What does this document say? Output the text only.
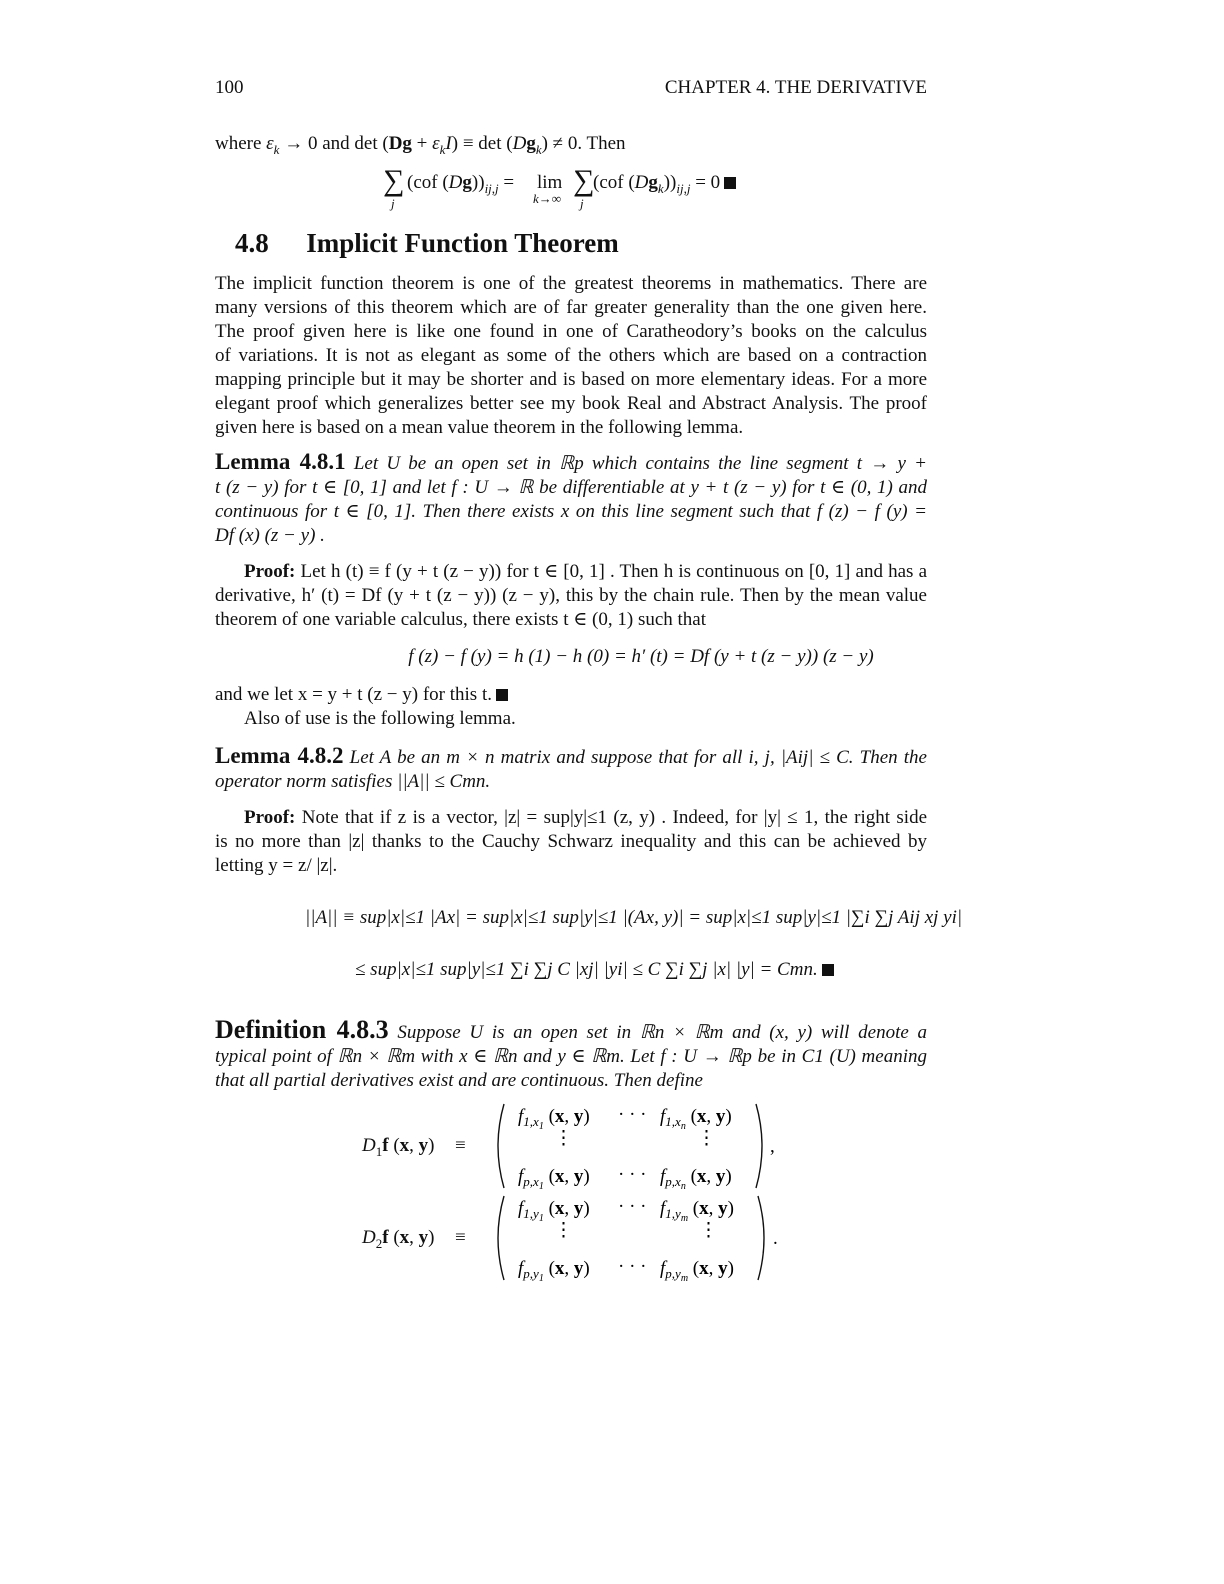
100	CHAPTER 4. THE DERIVATIVE
where $\varepsilon_k \to 0$ and $\det (Dg + \varepsilon_kI) \equiv \det (Dg_k) \ne 0$. Then
∑
j
(cof $(Dg))_{ij,j} = \lim$
k→∞
∑
j
(cof $(Dg_k))_{ij,j} = 0$
4.8 Implicit Function Theorem
The implicit function theorem is one of the greatest theorems in mathematics. There are
many versions of this theorem which are of far greater generality than the one given here.
The proof given here is like one found in one of Caratheodory’s books on the calculus
of variations. It is not as elegant as some of the others which are based on a contraction
mapping principle but it may be shorter and is based on more elementary ideas. For a more
elegant proof which generalizes better see my book Real and Abstract Analysis. The proof
given here is based on a mean value theorem in the following lemma.
Lemma 4.8.1 Let U be an open set in ℝp which contains the line segment t → y +
t (z − y) for t ∈ [0, 1] and let f : U → ℝ be differentiable at y + t (z − y) for t ∈ (0, 1) and
continuous for t ∈ [0, 1]. Then there exists x on this line segment such that f (z) − f (y) =
Df (x) (z − y) .
Proof: Let h (t) ≡ f (y + t (z − y)) for t ∈ [0, 1] . Then h is continuous on [0, 1] and has a
derivative, h′ (t) = Df (y + t (z − y)) (z − y), this by the chain rule. Then by the mean value
theorem of one variable calculus, there exists t ∈ (0, 1) such that
f (z) − f (y) = h (1) − h (0) = h′ (t) = Df (y + t (z − y)) (z − y)
and we let x = y + t (z − y) for this t.
Also of use is the following lemma.
Lemma 4.8.2 Let A be an m × n matrix and suppose that for all i, j, |Aij| ≤ C. Then the
operator norm satisfies ||A|| ≤ Cmn.
Proof: Note that if z is a vector, |z| = sup|y|≤1 (z, y) . Indeed, for |y| ≤ 1, the right side
is no more than |z| thanks to the Cauchy Schwarz inequality and this can be achieved by
letting y = z/ |z|.
||A|| ≡ sup|x|≤1 |Ax| = sup|x|≤1 sup|y|≤1 |(Ax, y)| = sup|x|≤1 sup|y|≤1 |∑i ∑j Aij xj yi|
≤ sup|x|≤1 sup|y|≤1 ∑i ∑j C |xj| |yi| ≤ C ∑i ∑j |x| |y| = Cmn.
Definition 4.8.3 Suppose U is an open set in ℝn × ℝm and (x, y) will denote a
typical point of ℝn × ℝm with x ∈ ℝn and y ∈ ℝm. Let f : U → ℝp be in C1 (U) meaning
that all partial derivatives exist and are continuous. Then define
$D_1f$ (x, y) ≡
$f_{1,x}1$ (x, y) · · · $f_{1,x}n$ (x, y)
⋮	⋮
$f_{p,x}1$ (x, y) · · · $f_{p,x}n$ (x, y)
,
$D_2f$ (x, y) ≡
$f_{1,y}1$ (x, y) · · · $f_{1,y}m$ (x, y)
⋮	⋮
$f_{p,y}1$ (x, y) · · · $f_{p,y}m$ (x, y)
.
